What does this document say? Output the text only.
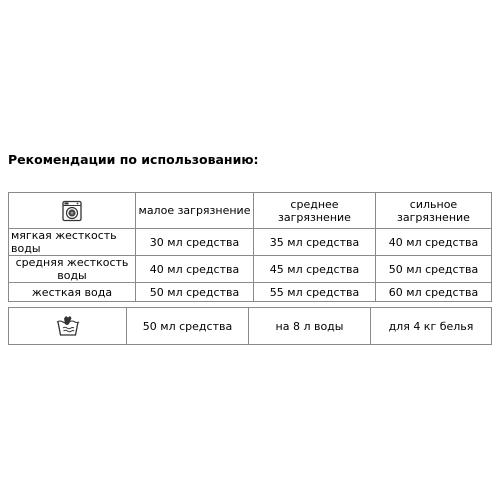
Рекомендации по использованию:
	малое загрязнение	среднее загрязнение	сильное загрязнение
мягкая жесткость воды	30 мл средства	35 мл средства	40 мл средства
средняя жесткость воды	40 мл средства	45 мл средства	50 мл средства
жесткая вода	50 мл средства	55 мл средства	60 мл средства
	50 мл средства	на 8 л воды	для 4 кг белья
